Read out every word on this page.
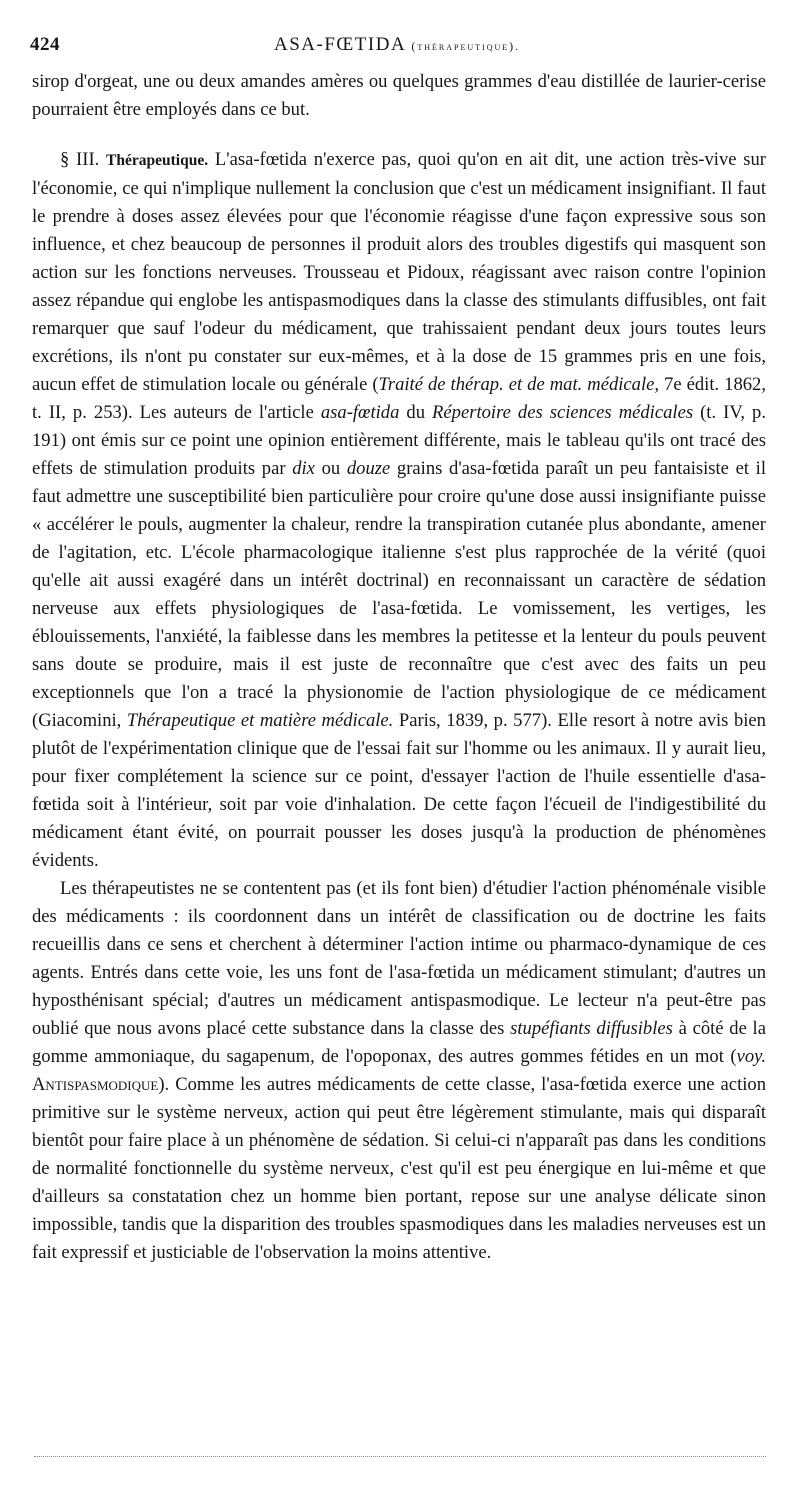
424	ASA-FŒTIDA (thérapeutique).

sirop d'orgeat, une ou deux amandes amères ou quelques grammes d'eau distillée de laurier-cerise pourraient être employés dans ce but.

§ III. Thérapeutique. L'asa-fœtida n'exerce pas, quoi qu'on en ait dit, une action très-vive sur l'économie, ce qui n'implique nullement la conclusion que c'est un médicament insignifiant. Il faut le prendre à doses assez élevées pour que l'économie réagisse d'une façon expressive sous son influence, et chez beaucoup de personnes il produit alors des troubles digestifs qui masquent son action sur les fonctions nerveuses. Trousseau et Pidoux, réagissant avec raison contre l'opinion assez répandue qui englobe les antispasmodiques dans la classe des stimulants diffusibles, ont fait remarquer que sauf l'odeur du médicament, que trahissaient pendant deux jours toutes leurs excrétions, ils n'ont pu constater sur eux-mêmes, et à la dose de 15 grammes pris en une fois, aucun effet de stimulation locale ou générale (Traité de thérap. et de mat. médicale, 7e édit. 1862, t. II, p. 253). Les auteurs de l'article asa-fœtida du Répertoire des sciences médicales (t. IV, p. 191) ont émis sur ce point une opinion entièrement différente, mais le tableau qu'ils ont tracé des effets de stimulation produits par dix ou douze grains d'asa-fœtida paraît un peu fantaisiste et il faut admettre une susceptibilité bien particulière pour croire qu'une dose aussi insignifiante puisse « accélérer le pouls, augmenter la chaleur, rendre la transpiration cutanée plus abondante, amener de l'agitation, etc. L'école pharmacologique italienne s'est plus rapprochée de la vérité (quoi qu'elle ait aussi exagéré dans un intérêt doctrinal) en reconnaissant un caractère de sédation nerveuse aux effets physiologiques de l'asa-fœtida. Le vomissement, les vertiges, les éblouissements, l'anxiété, la faiblesse dans les membres la petitesse et la lenteur du pouls peuvent sans doute se produire, mais il est juste de reconnaître que c'est avec des faits un peu exceptionnels que l'on a tracé la physionomie de l'action physiologique de ce médicament (Giacomini, Thérapeutique et matière médicale. Paris, 1839, p. 577). Elle resort à notre avis bien plutôt de l'expérimentation clinique que de l'essai fait sur l'homme ou les animaux. Il y aurait lieu, pour fixer complétement la science sur ce point, d'essayer l'action de l'huile essentielle d'asa-fœtida soit à l'intérieur, soit par voie d'inhalation. De cette façon l'écueil de l'indigestibilité du médicament étant évité, on pourrait pousser les doses jusqu'à la production de phénomènes évidents.

Les thérapeutistes ne se contentent pas (et ils font bien) d'étudier l'action phénoménale visible des médicaments : ils coordonnent dans un intérêt de classification ou de doctrine les faits recueillis dans ce sens et cherchent à déterminer l'action intime ou pharmaco-dynamique de ces agents. Entrés dans cette voie, les uns font de l'asa-fœtida un médicament stimulant; d'autres un hyposthénisant spécial; d'autres un médicament antispasmodique. Le lecteur n'a peut-être pas oublié que nous avons placé cette substance dans la classe des stupéfiants diffusibles à côté de la gomme ammoniaque, du sagapenum, de l'opoponax, des autres gommes fétides en un mot (voy. Antispasmodique). Comme les autres médicaments de cette classe, l'asa-fœtida exerce une action primitive sur le système nerveux, action qui peut être légèrement stimulante, mais qui disparaît bientôt pour faire place à un phénomène de sédation. Si celui-ci n'apparaît pas dans les conditions de normalité fonctionnelle du système nerveux, c'est qu'il est peu énergique en lui-même et que d'ailleurs sa constatation chez un homme bien portant, repose sur une analyse délicate sinon impossible, tandis que la disparition des troubles spasmodiques dans les maladies nerveuses est un fait expressif et justiciable de l'observation la moins attentive.
